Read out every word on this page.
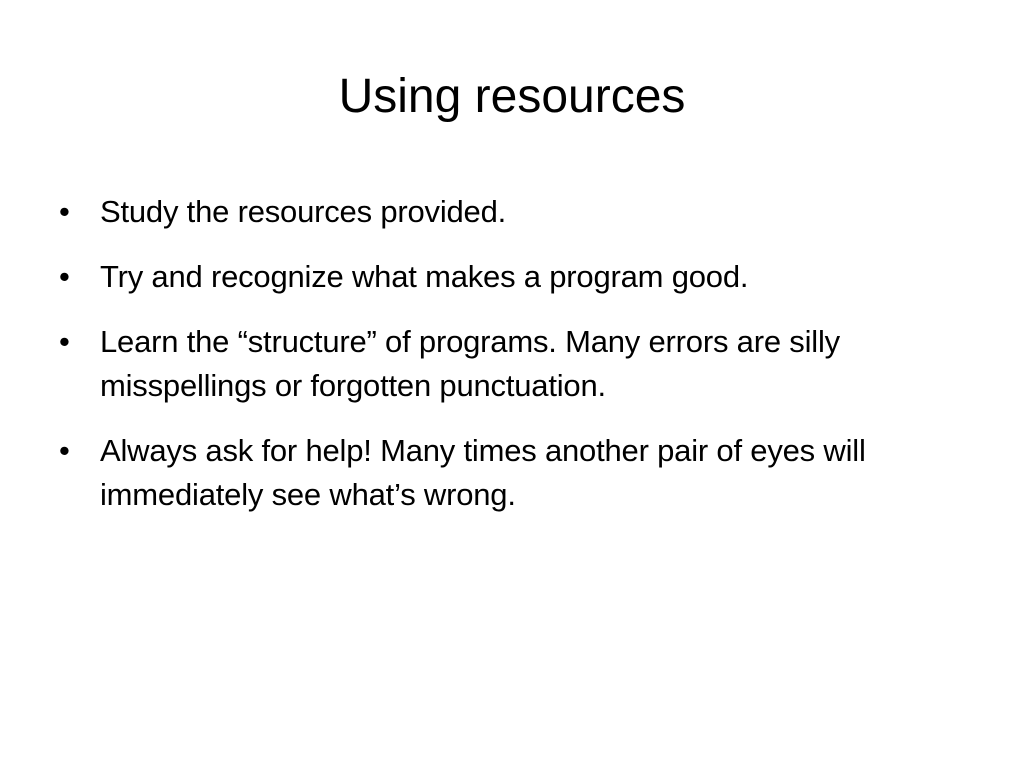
Using resources
• Study the resources provided.
• Try and recognize what makes a program good.
• Learn the “structure” of programs. Many errors are silly misspellings or forgotten punctuation.
• Always ask for help! Many times another pair of eyes will immediately see what’s wrong.
